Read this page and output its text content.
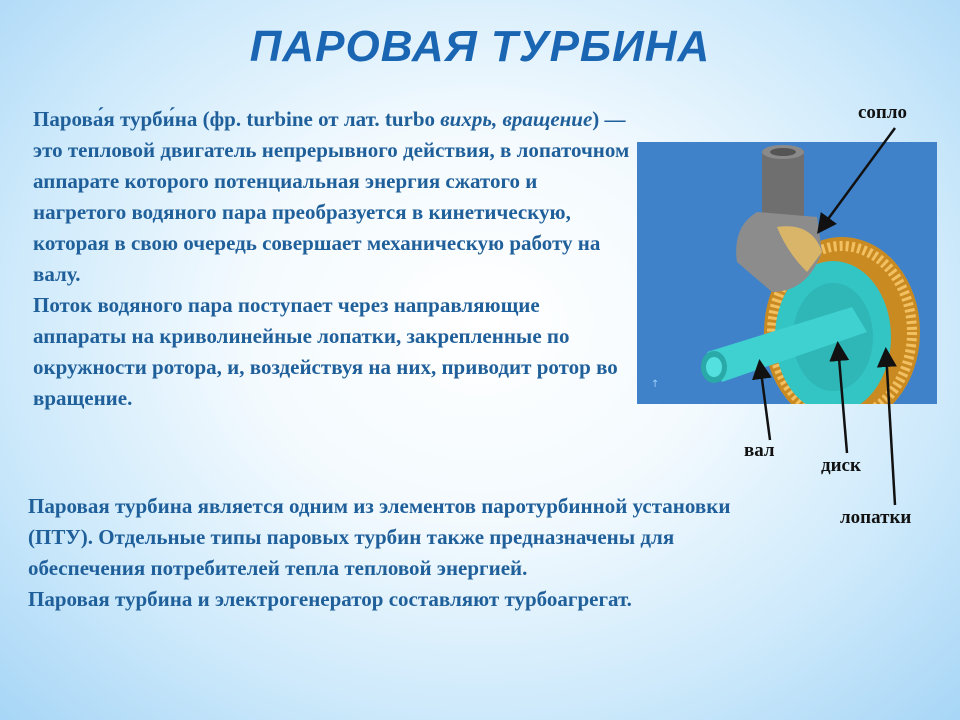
ПАРОВАЯ ТУРБИНА
Парова́я турби́на (фр. turbine от лат. turbo вихрь, вращение) — это тепловой двигатель непрерывного действия, в лопаточном аппарате которого потенциальная энергия сжатого и нагретого водяного пара преобразуется в кинетическую, которая в свою очередь совершает механическую работу на валу.
Поток водяного пара поступает через направляющие аппараты на криволинейные лопатки, закрепленные по окружности ротора, и, воздействуя на них, приводит ротор во вращение.
Паровая турбина является одним из элементов паротурбинной установки (ПТУ). Отдельные типы паровых турбин также предназначены для обеспечения потребителей тепла тепловой энергией.
Паровая турбина и электрогенератор составляют турбоагрегат.
↑
сопло
вал
диск
лопатки
